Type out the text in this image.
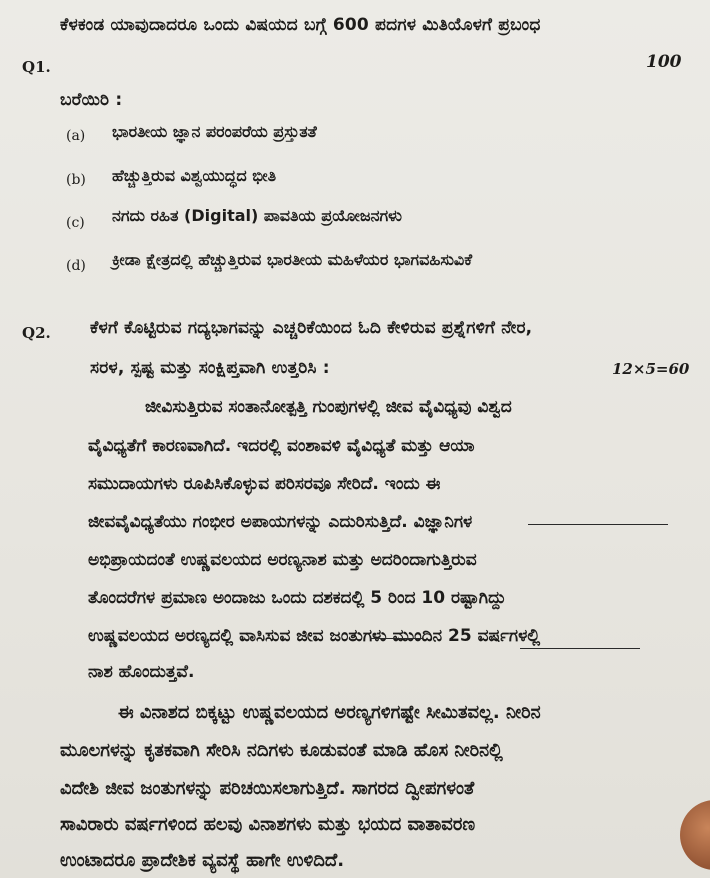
Q1.	100
ಕೆಳಕಂಡ ಯಾವುದಾದರೂ ಒಂದು ವಿಷಯದ ಬಗ್ಗೆ 600 ಪದಗಳ ಮಿತಿಯೊಳಗೆ ಪ್ರಬಂಧ
ಬರೆಯಿರಿ :
(a) ಭಾರತೀಯ ಜ್ಞಾನ ಪರಂಪರೆಯ ಪ್ರಸ್ತುತತೆ
(b) ಹೆಚ್ಚುತ್ತಿರುವ ವಿಶ್ವಯುದ್ಧದ ಭೀತಿ
(c) ನಗದು ರಹಿತ (Digital) ಪಾವತಿಯ ಪ್ರಯೋಜನಗಳು
(d) ಕ್ರೀಡಾ ಕ್ಷೇತ್ರದಲ್ಲಿ ಹೆಚ್ಚುತ್ತಿರುವ ಭಾರತೀಯ ಮಹಿಳೆಯರ ಭಾಗವಹಿಸುವಿಕೆ
Q2. ಕೆಳಗೆ ಕೊಟ್ಟಿರುವ ಗದ್ಯಭಾಗವನ್ನು ಎಚ್ಚರಿಕೆಯಿಂದ ಓದಿ ಕೇಳಿರುವ ಪ್ರಶ್ನೆಗಳಿಗೆ ನೇರ,
ಸರಳ, ಸ್ಪಷ್ಟ ಮತ್ತು ಸಂಕ್ಷಿಪ್ತವಾಗಿ ಉತ್ತರಿಸಿ :	12×5=60
ಜೀವಿಸುತ್ತಿರುವ ಸಂತಾನೋತ್ಪತ್ತಿ ಗುಂಪುಗಳಲ್ಲಿ ಜೀವ ವೈವಿಧ್ಯವು ವಿಶ್ವದ
ವೈವಿಧ್ಯತೆಗೆ ಕಾರಣವಾಗಿದೆ. ಇದರಲ್ಲಿ ವಂಶಾವಳಿ ವೈವಿಧ್ಯತೆ ಮತ್ತು ಆಯಾ
ಸಮುದಾಯಗಳು ರೂಪಿಸಿಕೊಳ್ಳುವ ಪರಿಸರವೂ ಸೇರಿದೆ. ಇಂದು ಈ
ಜೀವವೈವಿಧ್ಯತೆಯು ಗಂಭೀರ ಅಪಾಯಗಳನ್ನು ಎದುರಿಸುತ್ತಿದೆ. ವಿಜ್ಞಾನಿಗಳ
ಅಭಿಪ್ರಾಯದಂತೆ ಉಷ್ಣವಲಯದ ಅರಣ್ಯನಾಶ ಮತ್ತು ಅದರಿಂದಾಗುತ್ತಿರುವ
ತೊಂದರೆಗಳ ಪ್ರಮಾಣ ಅಂದಾಜು ಒಂದು ದಶಕದಲ್ಲಿ 5 ರಿಂದ 10 ರಷ್ಟಾಗಿದ್ದು
ಉಷ್ಣವಲಯದ ಅರಣ್ಯದಲ್ಲಿ ವಾಸಿಸುವ ಜೀವ ಜಂತುಗಳು ಮುಂದಿನ 25 ವರ್ಷಗಳಲ್ಲಿ
ನಾಶ ಹೊಂದುತ್ತವೆ.
ಈ ವಿನಾಶದ ಬಿಕ್ಕಟ್ಟು ಉಷ್ಣವಲಯದ ಅರಣ್ಯಗಳಿಗಷ್ಟೇ ಸೀಮಿತವಲ್ಲ. ನೀರಿನ
ಮೂಲಗಳನ್ನು ಕೃತಕವಾಗಿ ಸೇರಿಸಿ ನದಿಗಳು ಕೂಡುವಂತೆ ಮಾಡಿ ಹೊಸ ನೀರಿನಲ್ಲಿ
ವಿದೇಶಿ ಜೀವ ಜಂತುಗಳನ್ನು ಪರಿಚಯಿಸಲಾಗುತ್ತಿದೆ. ಸಾಗರದ ದ್ವೀಪಗಳಂತೆ
ಸಾವಿರಾರು ವರ್ಷಗಳಿಂದ ಹಲವು ವಿನಾಶಗಳು ಮತ್ತು ಭಯದ ವಾತಾವರಣ
ಉಂಟಾದರೂ ಪ್ರಾದೇಶಿಕ ವ್ಯವಸ್ಥೆ ಹಾಗೇ ಉಳಿದಿದೆ.
